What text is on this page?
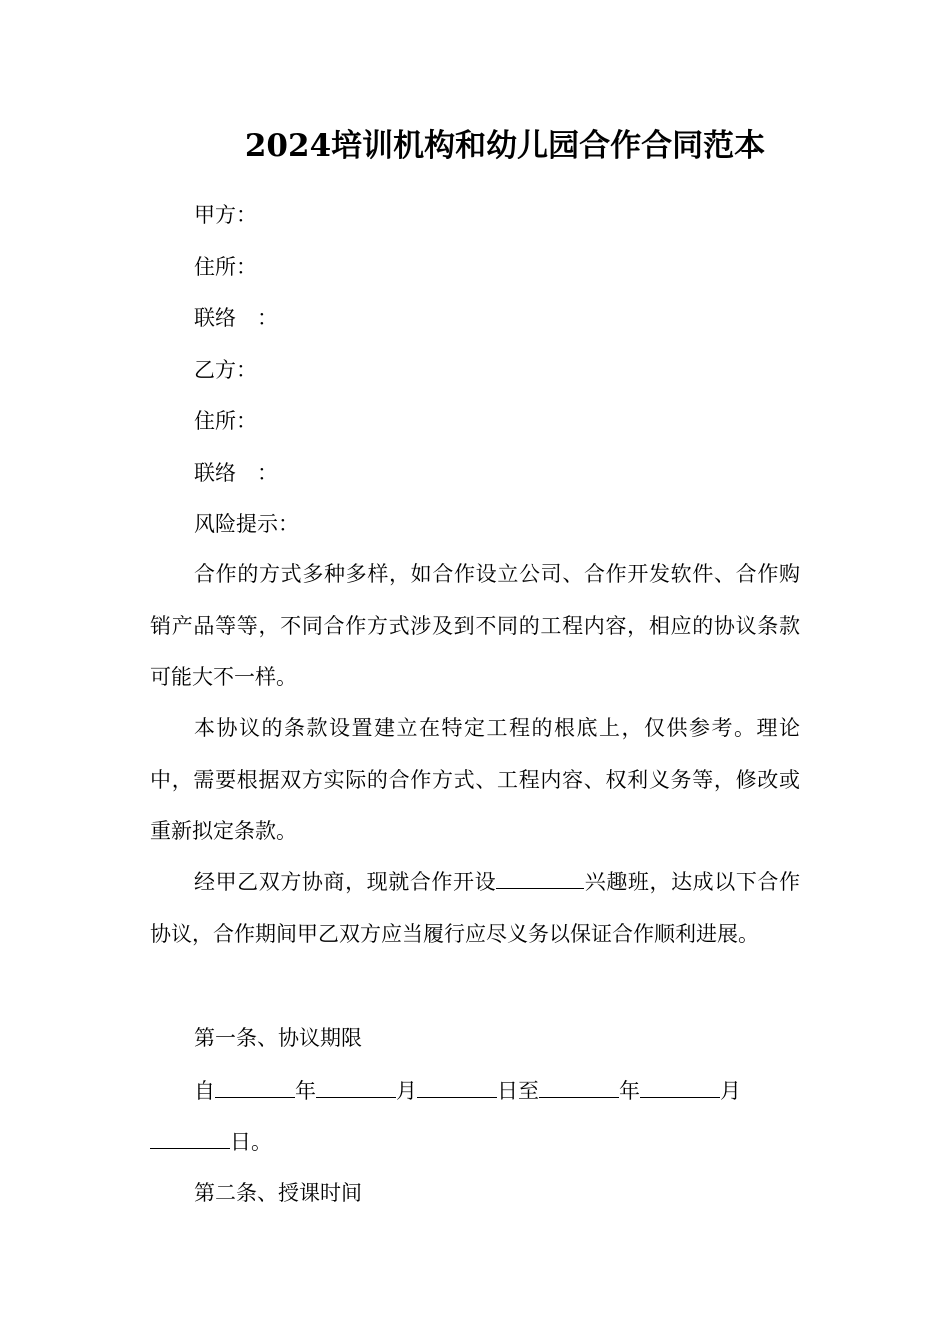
2024培训机构和幼儿园合作合同范本
甲方：
住所：
联络　：
乙方：
住所：
联络　：
风险提示：
合作的方式多种多样，如合作设立公司、合作开发软件、合作购销产品等等，不同合作方式涉及到不同的工程内容，相应的协议条款可能大不一样。
本协议的条款设置建立在特定工程的根底上，仅供参考。理论中，需要根据双方实际的合作方式、工程内容、权利义务等，修改或重新拟定条款。
经甲乙双方协商，现就合作开设	兴趣班，达成以下合作协议，合作期间甲乙双方应当履行应尽义务以保证合作顺利进展。
第一条、协议期限
自	年	月	日至	年	月
日。
第二条、授课时间
